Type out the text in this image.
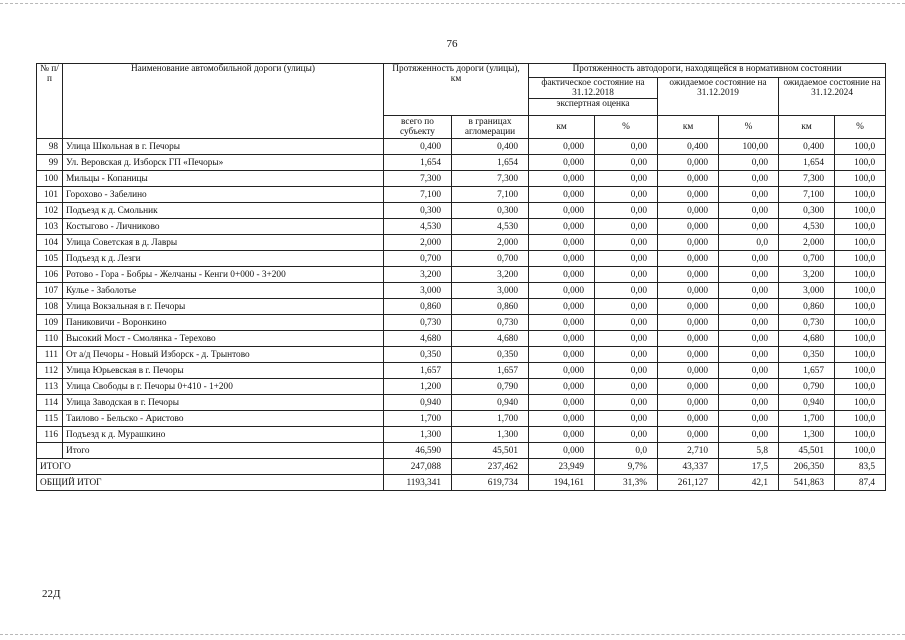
76
№ п/п	Наименование автомобильной дороги (улицы)	Протяженность дороги (улицы), км		Протяженность автодороги, находящейся в нормативном состоянии					
				фактическое состояние на 31.12.2018		ожидаемое состояние на 31.12.2019		ожидаемое состояние на 31.12.2024	
				экспертная оценка					
		всего по субъекту	в границах агломерации	км	%	км	%	км	%
98	Улица Школьная в г. Печоры	0,400	0,400	0,000	0,00	0,400	100,00	0,400	100,0
99	Ул. Веровская д. Изборск ГП «Печоры»	1,654	1,654	0,000	0,00	0,000	0,00	1,654	100,0
100	Мильцы - Копаницы	7,300	7,300	0,000	0,00	0,000	0,00	7,300	100,0
101	Горохово - Забелино	7,100	7,100	0,000	0,00	0,000	0,00	7,100	100,0
102	Подъезд к д. Смольник	0,300	0,300	0,000	0,00	0,000	0,00	0,300	100,0
103	Костыгово - Личниково	4,530	4,530	0,000	0,00	0,000	0,00	4,530	100,0
104	Улица Советская в д. Лавры	2,000	2,000	0,000	0,00	0,000	0,0	2,000	100,0
105	Подъезд к д. Лезги	0,700	0,700	0,000	0,00	0,000	0,00	0,700	100,0
106	Ротово - Гора - Бобры - Желчаны - Кенги 0+000 - 3+200	3,200	3,200	0,000	0,00	0,000	0,00	3,200	100,0
107	Кулье - Заболотье	3,000	3,000	0,000	0,00	0,000	0,00	3,000	100,0
108	Улица Вокзальная в г. Печоры	0,860	0,860	0,000	0,00	0,000	0,00	0,860	100,0
109	Паниковичи - Воронкино	0,730	0,730	0,000	0,00	0,000	0,00	0,730	100,0
110	Высокий Мост - Смолянка - Терехово	4,680	4,680	0,000	0,00	0,000	0,00	4,680	100,0
111	От а/д Печоры - Новый Изборск - д. Трынтово	0,350	0,350	0,000	0,00	0,000	0,00	0,350	100,0
112	Улица Юрьевская в г. Печоры	1,657	1,657	0,000	0,00	0,000	0,00	1,657	100,0
113	Улица Свободы в г. Печоры 0+410 - 1+200	1,200	0,790	0,000	0,00	0,000	0,00	0,790	100,0
114	Улица Заводская в г. Печоры	0,940	0,940	0,000	0,00	0,000	0,00	0,940	100,0
115	Таилово - Бельско - Аристово	1,700	1,700	0,000	0,00	0,000	0,00	1,700	100,0
116	Подъезд к д. Мурашкино	1,300	1,300	0,000	0,00	0,000	0,00	1,300	100,0
	Итого	46,590	45,501	0,000	0,0	2,710	5,8	45,501	100,0
ИТОГО		247,088	237,462	23,949	9,7%	43,337	17,5	206,350	83,5
ОБЩИЙ ИТОГ		1193,341	619,734	194,161	31,3%	261,127	42,1	541,863	87,4
22Д
